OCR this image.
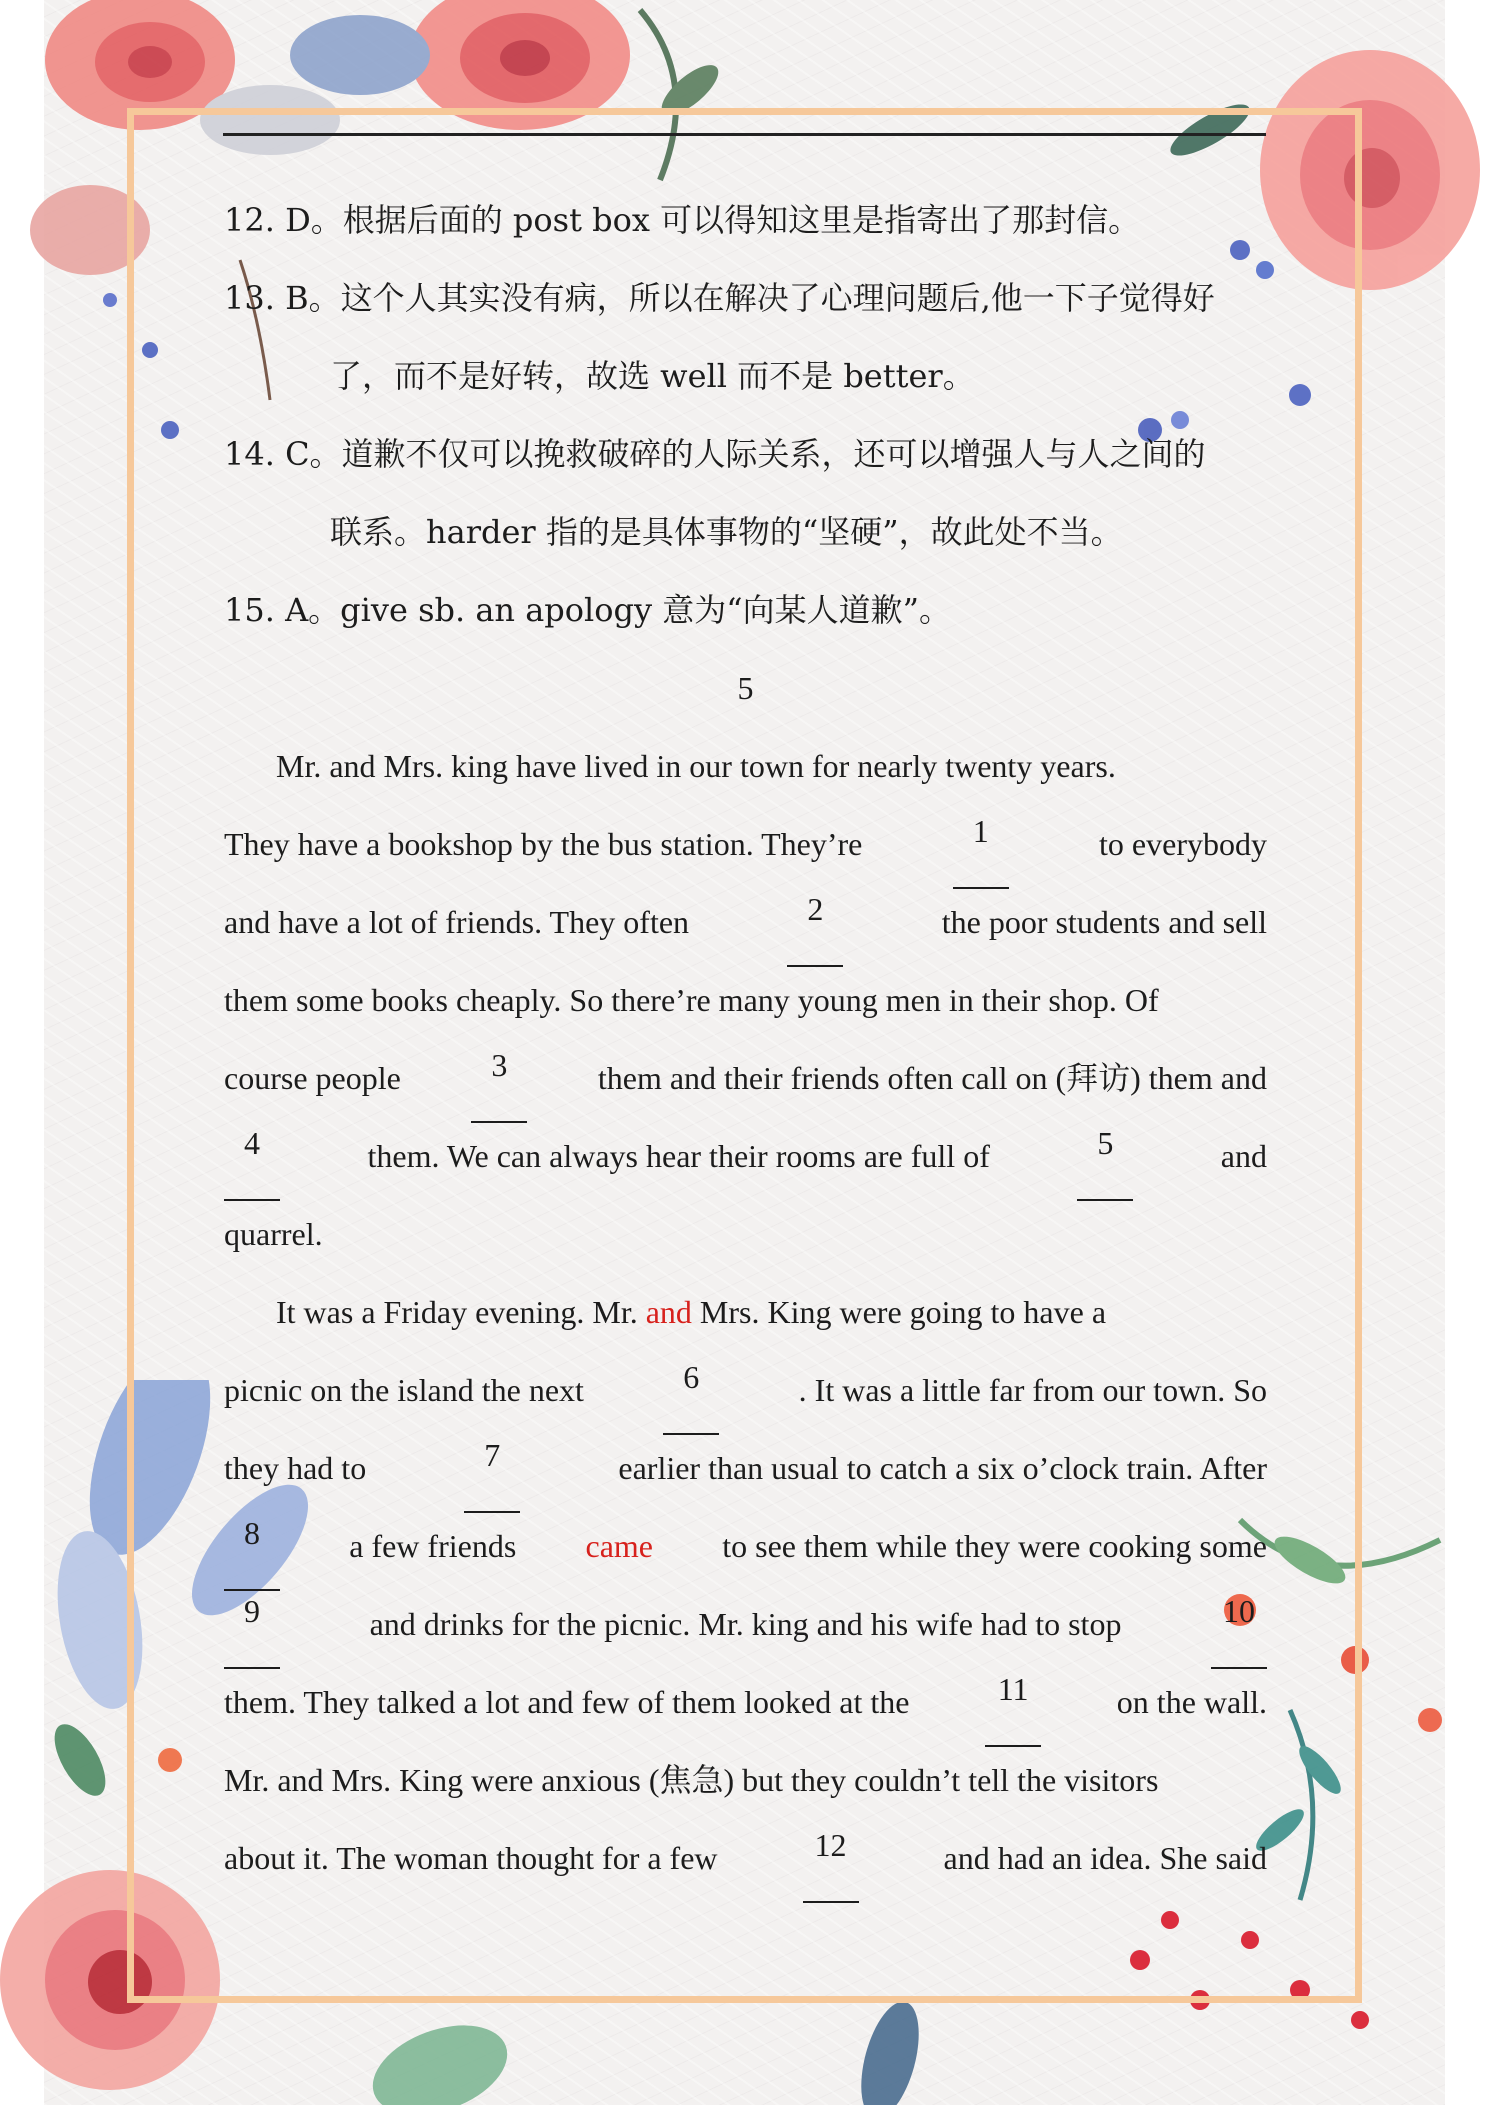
12. D。根据后面的 post box 可以得知这里是指寄出了那封信。
13. B。这个人其实没有病，所以在解决了心理问题后,他一下子觉得好
了，而不是好转，故选 well 而不是 better。
14. C。道歉不仅可以挽救破碎的人际关系，还可以增强人与人之间的
联系。harder 指的是具体事物的“坚硬”，故此处不当。
15. A。give sb. an apology 意为“向某人道歉”。
5
Mr. and Mrs. king have lived in our town for nearly twenty years.
They have a bookshop by the bus station. They’re	1	to everybody
and have a lot of friends. They often	2	the poor students and sell
them some books cheaply. So there’re many young men in their shop. Of
course people	3	them and their friends often call on (拜访) them and
4	them. We can always hear their rooms are full of	5	and
quarrel.
It was a Friday evening. Mr. and Mrs. King were going to have a
picnic on the island the next	6	. It was a little far from our town. So
they had to	7	earlier than usual to catch a six o’clock train. After
8	a few friends came to see them while they were cooking some
9	and drinks for the picnic. Mr. king and his wife had to stop	10
them. They talked a lot and few of them looked at the	11	on the wall.
Mr. and Mrs. King were anxious (焦急) but they couldn’t tell the visitors
about it. The woman thought for a few	12	and had an idea. She said
